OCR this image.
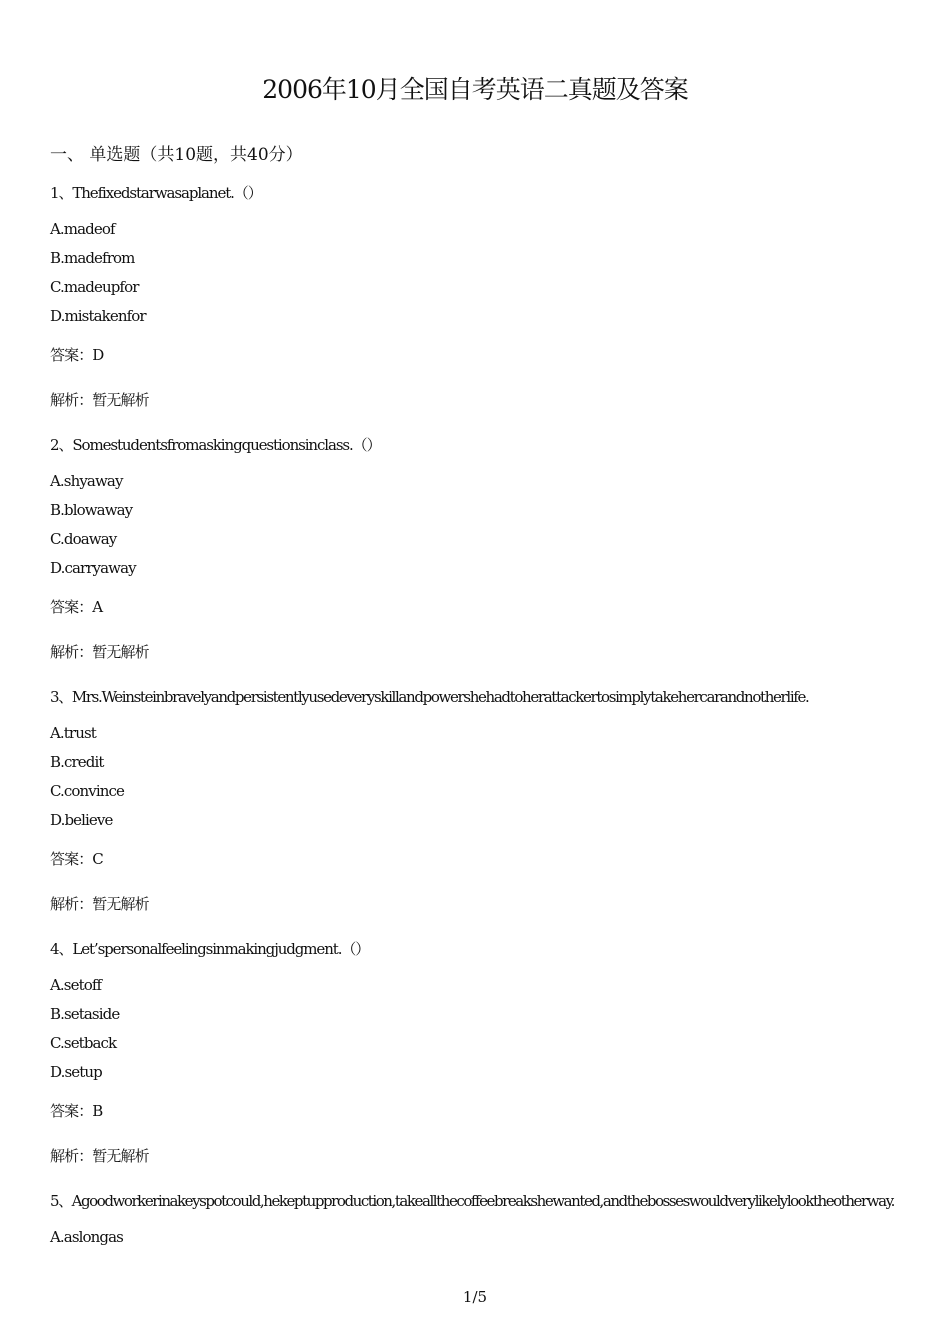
2006年10月全国自考英语二真题及答案
一、 单选题（共10题，共40分）
1、Thefixedstarwasaplanet.（）
A.madeof
B.madefrom
C.madeupfor
D.mistakenfor
答案：D
解析：暂无解析
2、Somestudentsfromaskingquestionsinclass.（）
A.shyaway
B.blowaway
C.doaway
D.carryaway
答案：A
解析：暂无解析
3、Mrs.Weinsteinbravelyandpersistentlyusedeveryskillandpowershehadtoherattackertosimplytakehercarandnotherlife.
A.trust
B.credit
C.convince
D.believe
答案：C
解析：暂无解析
4、Let’spersonalfeelingsinmakingjudgment.（）
A.setoff
B.setaside
C.setback
D.setup
答案：B
解析：暂无解析
5、Agoodworkerinakeyspotcould,hekeptupproduction,takeallthecoffeebreakshewanted,andthebosseswouldverylikelylooktheotherway.
A.aslongas
1/5
